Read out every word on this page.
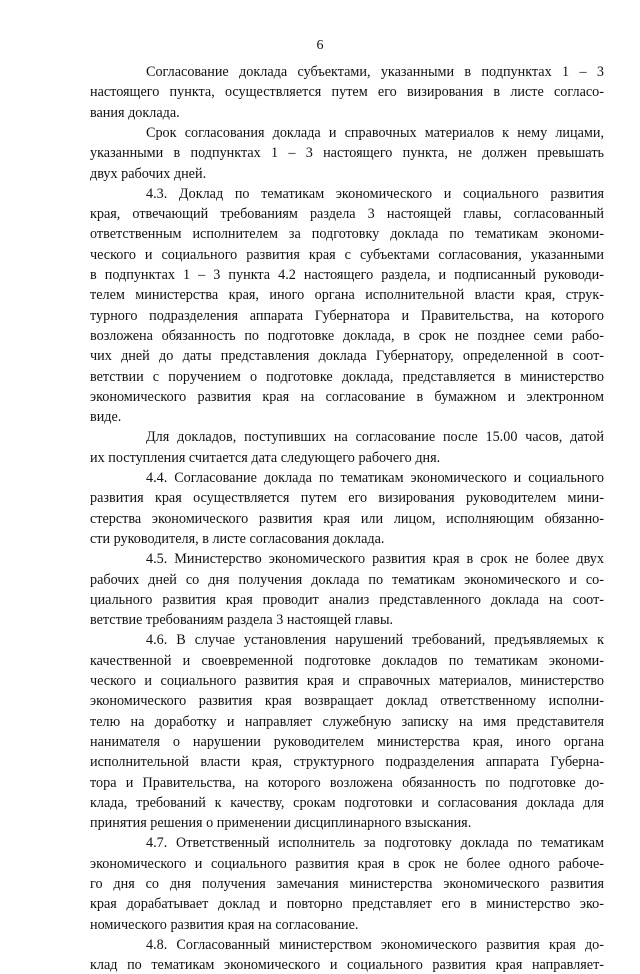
6
Согласование доклада субъектами, указанными в подпунктах 1 – 3
настоящего пункта, осуществляется путем его визирования в листе согласо-
вания доклада.
Срок согласования доклада и справочных материалов к нему лицами,
указанными в подпунктах 1 – 3 настоящего пункта, не должен превышать
двух рабочих дней.
4.3. Доклад по тематикам экономического и социального развития
края, отвечающий требованиям раздела 3 настоящей главы, согласованный
ответственным исполнителем за подготовку доклада по тематикам экономи-
ческого и социального развития края с субъектами согласования, указанными
в подпунктах 1 – 3 пункта 4.2 настоящего раздела, и подписанный руководи-
телем министерства края, иного органа исполнительной власти края, струк-
турного подразделения аппарата Губернатора и Правительства, на которого
возложена обязанность по подготовке доклада, в срок не позднее семи рабо-
чих дней до даты представления доклада Губернатору, определенной в соот-
ветствии с поручением о подготовке доклада, представляется в министерство
экономического развития края на согласование в бумажном и электронном
виде.
Для докладов, поступивших на согласование после 15.00 часов, датой
их поступления считается дата следующего рабочего дня.
4.4. Согласование доклада по тематикам экономического и социального
развития края осуществляется путем его визирования руководителем мини-
стерства экономического развития края или лицом, исполняющим обязанно-
сти руководителя, в листе согласования доклада.
4.5. Министерство экономического развития края в срок не более двух
рабочих дней со дня получения доклада по тематикам экономического и со-
циального развития края проводит анализ представленного доклада на соот-
ветствие требованиям раздела 3 настоящей главы.
4.6. В случае установления нарушений требований, предъявляемых к
качественной и своевременной подготовке докладов по тематикам экономи-
ческого и социального развития края и справочных материалов, министерство
экономического развития края возвращает доклад ответственному исполни-
телю на доработку и направляет служебную записку на имя представителя
нанимателя о нарушении руководителем министерства края, иного органа
исполнительной власти края, структурного подразделения аппарата Губерна-
тора и Правительства, на которого возложена обязанность по подготовке до-
клада, требований к качеству, срокам подготовки и согласования доклада для
принятия решения о применении дисциплинарного взыскания.
4.7. Ответственный исполнитель за подготовку доклада по тематикам
экономического и социального развития края в срок не более одного рабоче-
го дня со дня получения замечания министерства экономического развития
края дорабатывает доклад и повторно представляет его в министерство эко-
номического развития края на согласование.
4.8. Согласованный министерством экономического развития края до-
клад по тематикам экономического и социального развития края направляет-
